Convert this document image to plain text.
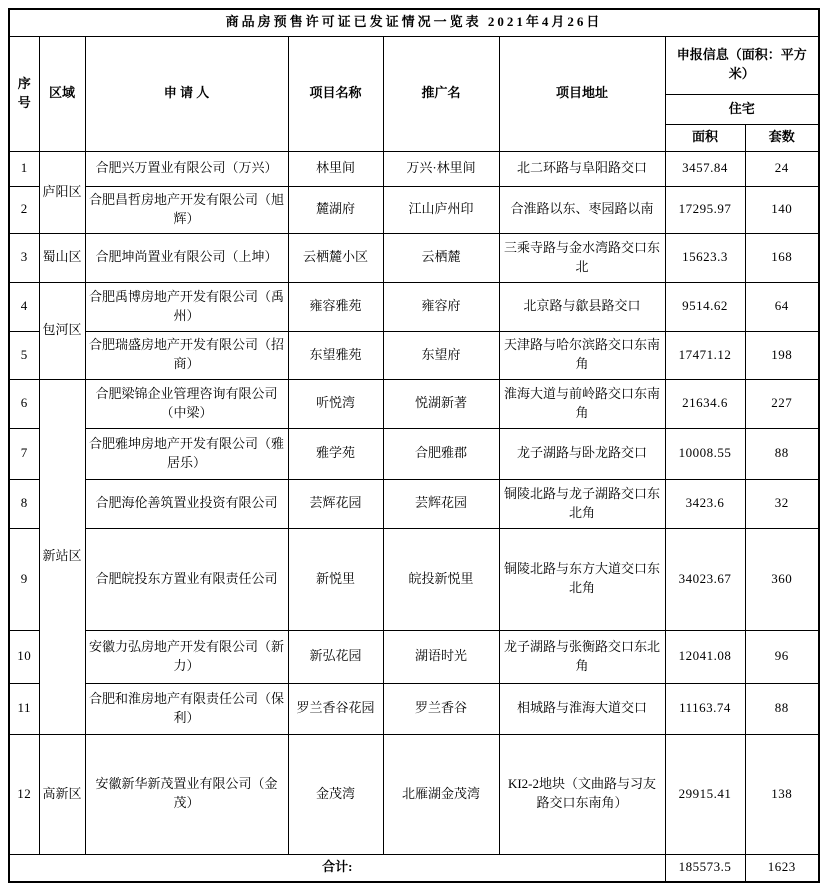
商品房预售许可证已发证情况一览表 2021年4月26日							
序号	区域	申 请 人	项目名称	推广名	项目地址	申报信息（面积：平方米）	
						住宅	
						面积	套数
1	庐阳区	合肥兴万置业有限公司（万兴）	林里间	万兴·林里间	北二环路与阜阳路交口	3457.84	24
2		合肥昌哲房地产开发有限公司（旭辉）	麓湖府	江山庐州印	合淮路以东、枣园路以南	17295.97	140
3	蜀山区	合肥坤尚置业有限公司（上坤）	云栖麓小区	云栖麓	三乘寺路与金水湾路交口东北	15623.3	168
4	包河区	合肥禹博房地产开发有限公司（禹州）	雍容雅苑	雍容府	北京路与歙县路交口	9514.62	64
5		合肥瑞盛房地产开发有限公司（招商）	东望雅苑	东望府	天津路与哈尔滨路交口东南角	17471.12	198
6	新站区	合肥梁锦企业管理咨询有限公司（中梁）	听悦湾	悦湖新著	淮海大道与前岭路交口东南角	21634.6	227
7		合肥雅坤房地产开发有限公司（雅居乐）	雅学苑	合肥雅郡	龙子湖路与卧龙路交口	10008.55	88
8		合肥海伦善筑置业投资有限公司	芸辉花园	芸辉花园	铜陵北路与龙子湖路交口东北角	3423.6	32
9		合肥皖投东方置业有限责任公司	新悦里	皖投新悦里	铜陵北路与东方大道交口东北角	34023.67	360
10		安徽力弘房地产开发有限公司（新力）	新弘花园	湖语时光	龙子湖路与张衡路交口东北角	12041.08	96
11		合肥和淮房地产有限责任公司（保利）	罗兰香谷花园	罗兰香谷	相城路与淮海大道交口	11163.74	88
12	高新区	安徽新华新茂置业有限公司（金茂）	金茂湾	北雁湖金茂湾	KI2-2地块（文曲路与习友路交口东南角）	29915.41	138
合计:						185573.5	1623
